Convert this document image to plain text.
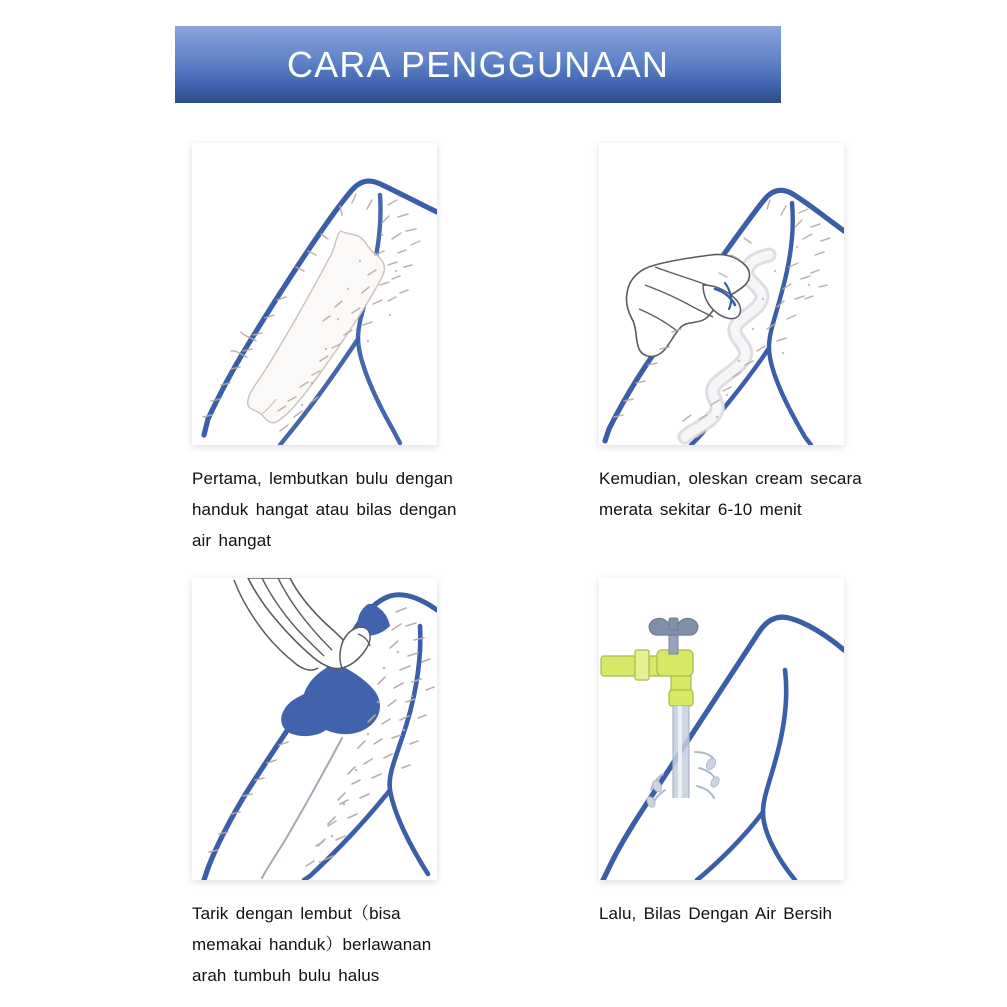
CARA PENGGUNAAN
Pertama, lembutkan bulu dengan handuk hangat atau bilas dengan air hangat
Kemudian, oleskan cream secara merata sekitar 6-10 menit
Tarik dengan lembut（bisa memakai handuk）berlawanan arah tumbuh bulu halus
Lalu, Bilas Dengan Air Bersih
